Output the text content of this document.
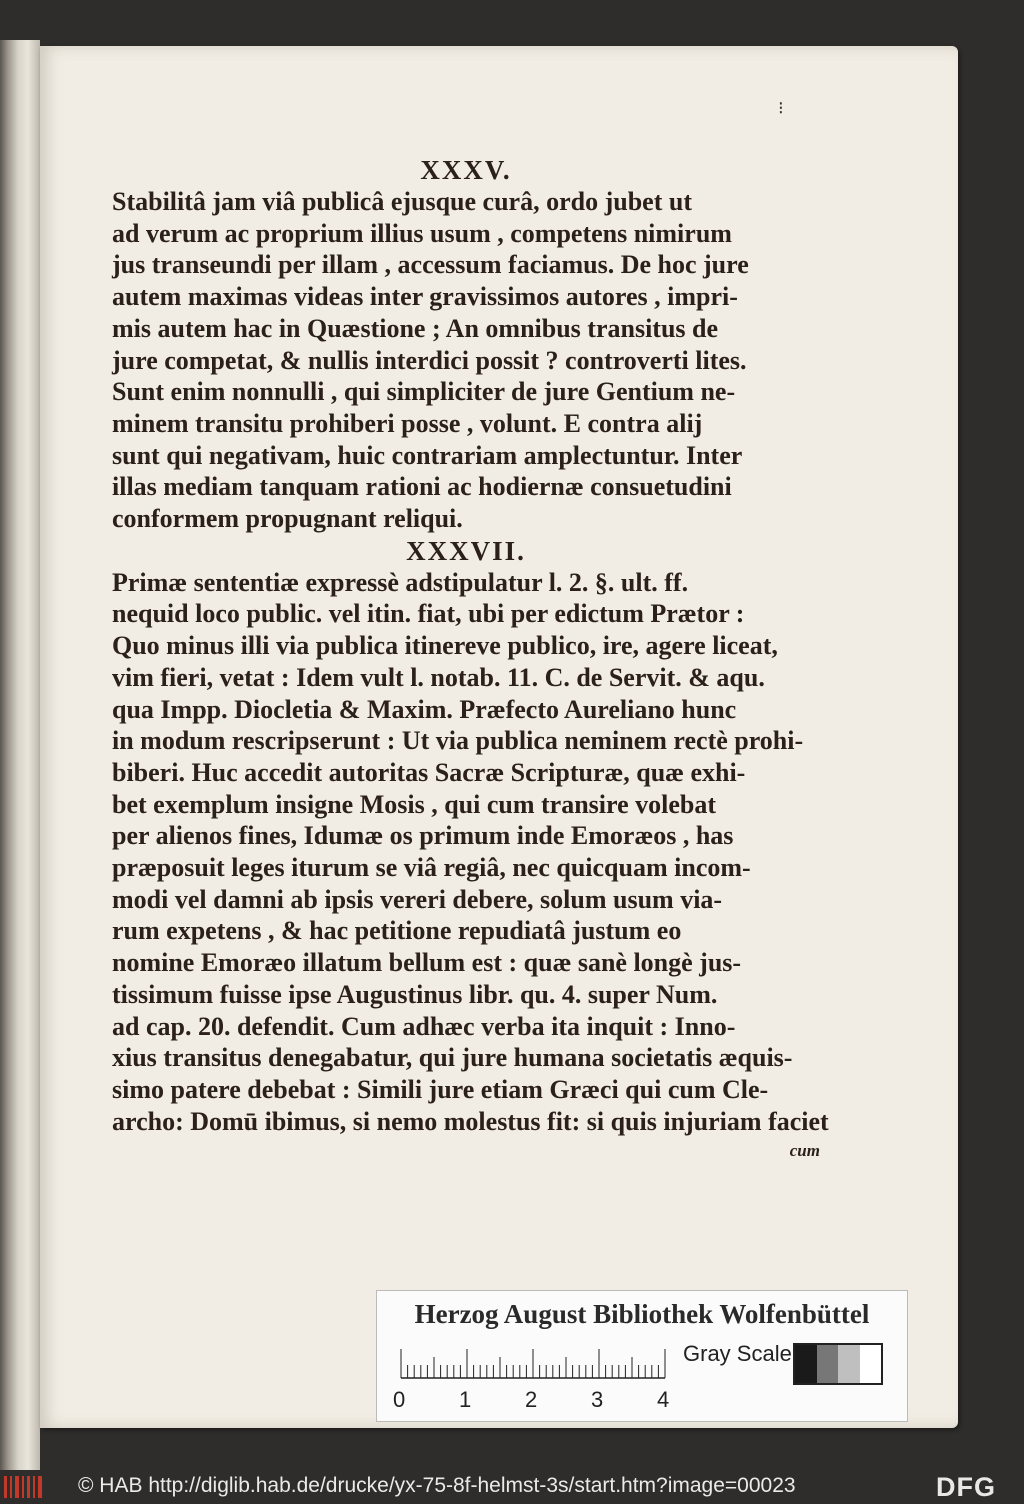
⁝
XXXV.
Stabilitâ jam viâ publicâ ejusque curâ, ordo jubet ut
ad verum ac proprium illius usum , competens nimirum
jus transeundi per illam , accessum faciamus. De hoc jure
autem maximas videas inter gravissimos autores , impri-
mis autem hac in Quæstione ; An omnibus transitus de
jure competat, & nullis interdici possit ? controverti lites.
Sunt enim nonnulli , qui simpliciter de jure Gentium ne-
minem transitu prohiberi posse , volunt. E contra alij
sunt qui negativam, huic contrariam amplectuntur. Inter
illas mediam tanquam rationi ac hodiernæ consuetudini
conformem propugnant reliqui.
XXXVII.
Primæ sententiæ expressè adstipulatur l. 2. §. ult. ff.
nequid loco public. vel itin. fiat, ubi per edictum Prætor :
Quo minus illi via publica itinereve publico, ire, agere liceat,
vim fieri, vetat : Idem vult l. notab. 11. C. de Servit. & aqu.
qua Impp. Diocletia & Maxim. Præfecto Aureliano hunc
in modum rescripserunt : Ut via publica neminem rectè prohi-
biberi. Huc accedit autoritas Sacræ Scripturæ, quæ exhi-
bet exemplum insigne Mosis , qui cum transire volebat
per alienos fines, Idumæ os primum inde Emoræos , has
præposuit leges iturum se viâ regiâ, nec quicquam incom-
modi vel damni ab ipsis vereri debere, solum usum via-
rum expetens , & hac petitione repudiatâ justum eo
nomine Emoræo illatum bellum est : quæ sanè longè jus-
tissimum fuisse ipse Augustinus libr. qu. 4. super Num.
ad cap. 20. defendit. Cum adhæc verba ita inquit : Inno-
xius transitus denegabatur, qui jure humana societatis æquis-
simo patere debebat : Simili jure etiam Græci qui cum Cle-
archo: Domū ibimus, si nemo molestus fit: si quis injuriam faciet
cum
Herzog August Bibliothek Wolfenbüttel
0 1 2 3 4
Gray Scale
© HAB http://diglib.hab.de/drucke/yx-75-8f-helmst-3s/start.htm?image=00023	DFG
